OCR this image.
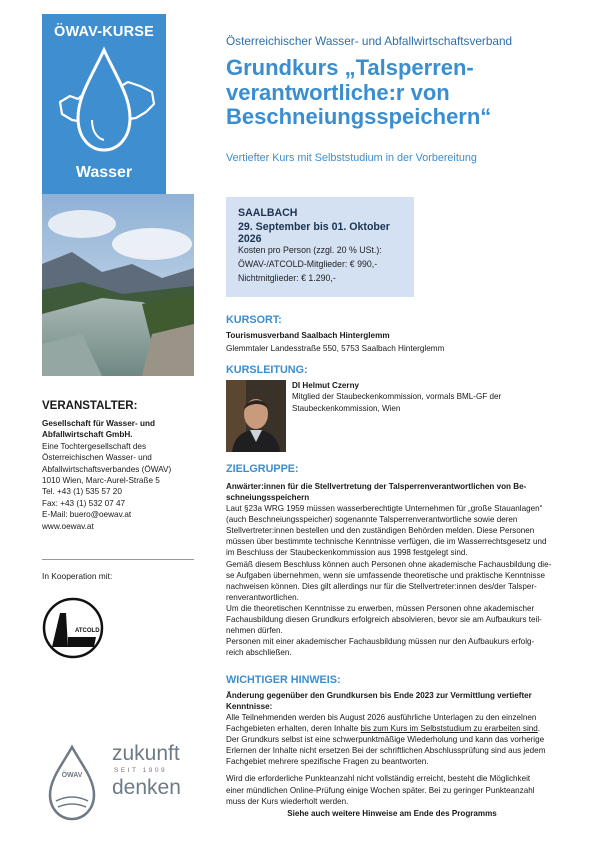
ÖWAV-KURSE
Wasser
VERANSTALTER:
Gesellschaft für Wasser- und
Abfallwirtschaft GmbH.
Eine Tochtergesellschaft des
Österreichischen Wasser- und
Abfallwirtschaftsverbandes (ÖWAV)
1010 Wien, Marc-Aurel-Straße 5
Tel. +43 (1) 535 57 20
Fax: +43 (1) 532 07 47
E-Mail: buero@oewav.at
www.oewav.at
In Kooperation mit:
ATCOLD
ÖWAV
zukunft
SEIT 1909
denken
Österreichischer Wasser- und Abfallwirtschaftsverband
Grundkurs „Talsperren-
verantwortliche:r von
Beschneiungsspeichern“
Vertiefter Kurs mit Selbststudium in der Vorbereitung
SAALBACH
29. September bis 01. Oktober 2026
Kosten pro Person (zzgl. 20 % USt.):
ÖWAV-/ATCOLD-Mitglieder: € 990,-
Nichtmitglieder: € 1.290,-
KURSORT:
Tourismusverband Saalbach Hinterglemm
Glemmtaler Landesstraße 550, 5753 Saalbach Hinterglemm
KURSLEITUNG:
DI Helmut Czerny
Mitglied der Staubeckenkommission, vormals BML-GF der
Staubeckenkommission, Wien
ZIELGRUPPE:
Anwärter:innen für die Stellvertretung der Talsperrenverantwortlichen von Be-
schneiungsspeichern
Laut §23a WRG 1959 müssen wasserberechtigte Unternehmen für „große Stauanlagen“
(auch Beschneiungsspeicher) sogenannte Talsperrenverantwortliche sowie deren
Stellvertreter:innen bestellen und den zuständigen Behörden melden. Diese Personen
müssen über bestimmte technische Kenntnisse verfügen, die im Wasserrechtsgesetz und
im Beschluss der Staubeckenkommission aus 1998 festgelegt sind.
Gemäß diesem Beschluss können auch Personen ohne akademische Fachausbildung die-
se Aufgaben übernehmen, wenn sie umfassende theoretische und praktische Kenntnisse
nachweisen können. Dies gilt allerdings nur für die Stellvertreter:innen des/der Talsper-
renverantwortlichen.
Um die theoretischen Kenntnisse zu erwerben, müssen Personen ohne akademischer
Fachausbildung diesen Grundkurs erfolgreich absolvieren, bevor sie am Aufbaukurs teil-
nehmen dürfen.
Personen mit einer akademischer Fachausbildung müssen nur den Aufbaukurs erfolg-
reich abschließen.
WICHTIGER HINWEIS:
Änderung gegenüber den Grundkursen bis Ende 2023 zur Vermittlung vertiefter
Kenntnisse:
Alle Teilnehmenden werden bis August 2026 ausführliche Unterlagen zu den einzelnen
Fachgebieten erhalten, deren Inhalte bis zum Kurs im Selbststudium zu erarbeiten sind.
Der Grundkurs selbst ist eine schwerpunktmäßige Wiederholung und kann das vorherige
Erlernen der Inhalte nicht ersetzen Bei der schriftlichen Abschlussprüfung sind aus jedem
Fachgebiet mehrere spezifische Fragen zu beantworten.
Wird die erforderliche Punkteanzahl nicht vollständig erreicht, besteht die Möglichkeit
einer mündlichen Online-Prüfung einige Wochen später. Bei zu geringer Punkteanzahl
muss der Kurs wiederholt werden.
Siehe auch weitere Hinweise am Ende des Programms
